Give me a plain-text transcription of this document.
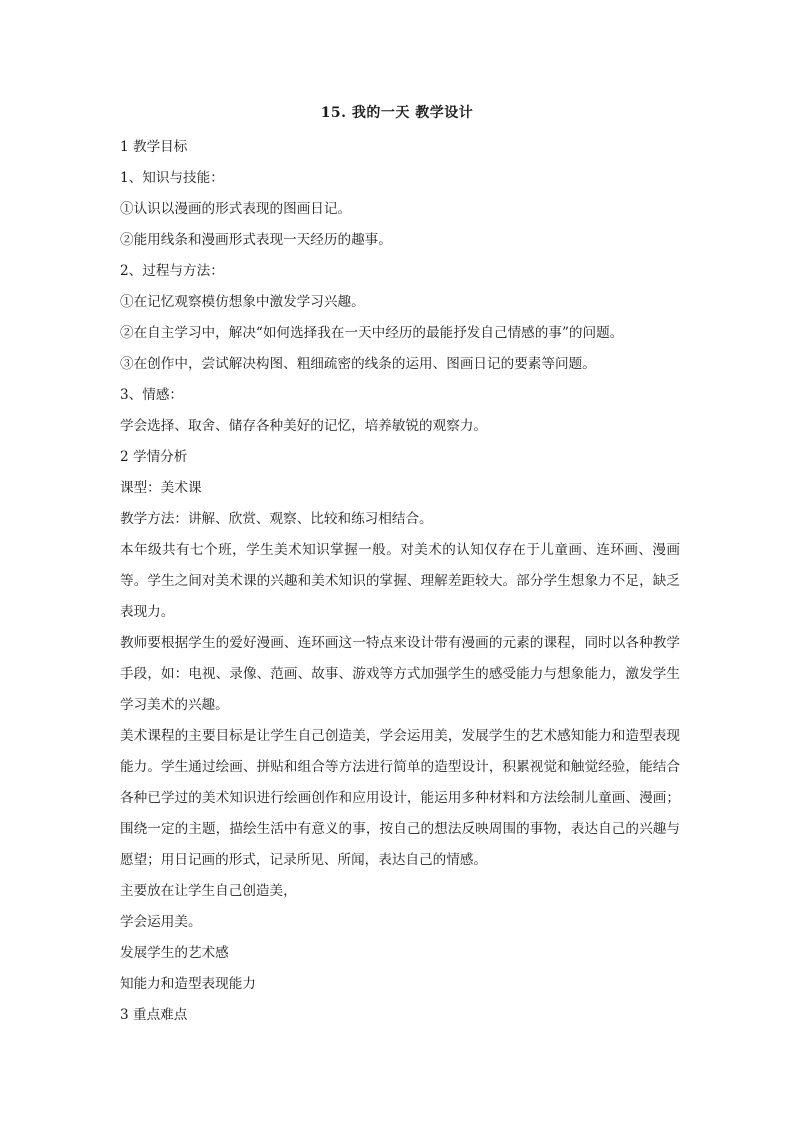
15. 我的一天 教学设计
1 教学目标
1、知识与技能：
①认识以漫画的形式表现的图画日记。
②能用线条和漫画形式表现一天经历的趣事。
2、过程与方法：
①在记忆观察模仿想象中激发学习兴趣。
②在自主学习中，解决“如何选择我在一天中经历的最能抒发自己情感的事”的问题。
③在创作中，尝试解决构图、粗细疏密的线条的运用、图画日记的要素等问题。
3、情感：
学会选择、取舍、储存各种美好的记忆，培养敏锐的观察力。
2 学情分析
课型：美术课
教学方法：讲解、欣赏、观察、比较和练习相结合。
本年级共有七个班，学生美术知识掌握一般。对美术的认知仅存在于儿童画、连环画、漫画等。学生之间对美术课的兴趣和美术知识的掌握、理解差距较大。部分学生想象力不足，缺乏表现力。
教师要根据学生的爱好漫画、连环画这一特点来设计带有漫画的元素的课程，同时以各种教学手段，如：电视、录像、范画、故事、游戏等方式加强学生的感受能力与想象能力，激发学生学习美术的兴趣。
美术课程的主要目标是让学生自己创造美，学会运用美，发展学生的艺术感知能力和造型表现能力。学生通过绘画、拼贴和组合等方法进行简单的造型设计，积累视觉和触觉经验，能结合各种已学过的美术知识进行绘画创作和应用设计，能运用多种材料和方法绘制儿童画、漫画；围绕一定的主题，描绘生活中有意义的事，按自己的想法反映周围的事物，表达自己的兴趣与愿望；用日记画的形式，记录所见、所闻，表达自己的情感。
主要放在让学生自己创造美，
学会运用美。
发展学生的艺术感
知能力和造型表现能力
3 重点难点
